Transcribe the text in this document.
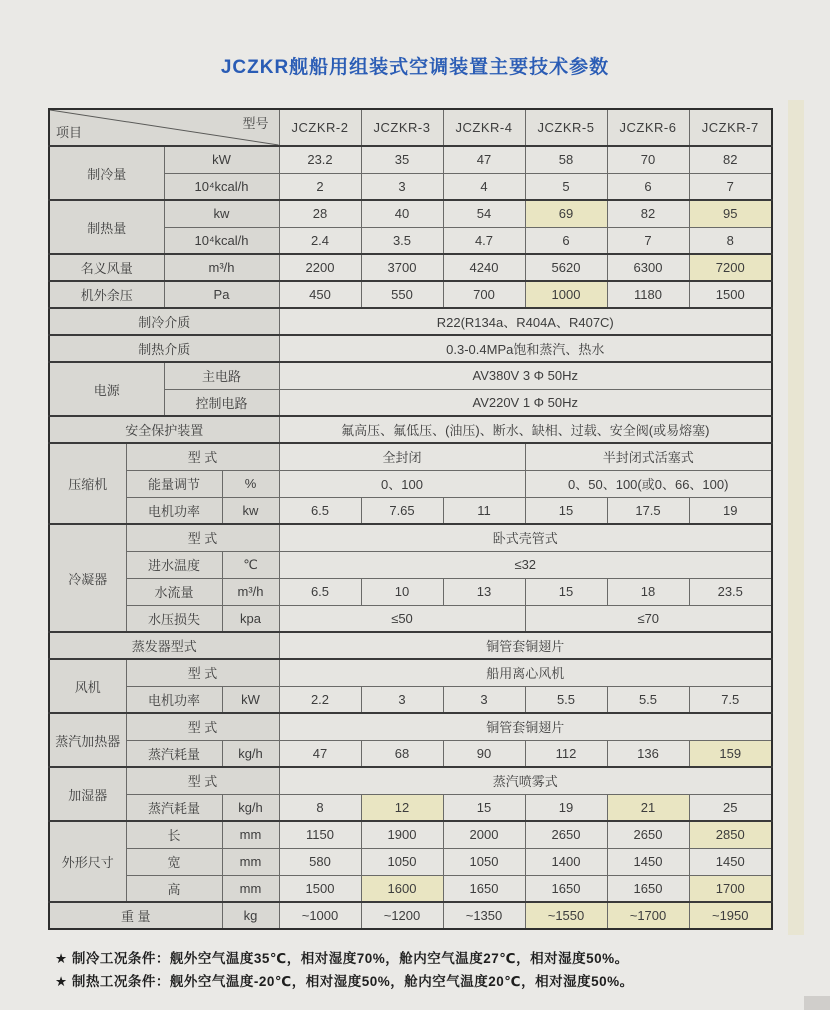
JCZKR舰船用组装式空调装置主要技术参数
型号
项目				JCZKR-2	JCZKR-3	JCZKR-4	JCZKR-5	JCZKR-6	JCZKR-7
制冷量		kW		23.2	35	47	58	70	82
		10⁴kcal/h		2	3	4	5	6	7
制热量		kw		28	40	54	69	82	95
		10⁴kcal/h		2.4	3.5	4.7	6	7	8
名义风量		m³/h		2200	3700	4240	5620	6300	7200
机外余压		Pa		450	550	700	1000	1180	1500
制冷介质				R22(R134a、R404A、R407C)					
制热介质				0.3-0.4MPa饱和蒸汽、热水					
电源		主电路		AV380V 3 Φ 50Hz					
		控制电路		AV220V 1 Φ 50Hz					
安全保护装置				氟高压、氟低压、(油压)、断水、缺相、过载、安全阀(或易熔塞)					
压缩机	型 式			全封闭			半封闭式活塞式		
	能量调节		%	0、100			0、50、100(或0、66、100)		
	电机功率		kw	6.5	7.65	11	15	17.5	19
冷凝器	型 式			卧式壳管式					
	进水温度		℃	≤32					
	水流量		m³/h	6.5	10	13	15	18	23.5
	水压损失		kpa	≤50			≤70		
蒸发器型式				铜管套铜翅片					
风机	型 式			船用离心风机					
	电机功率		kW	2.2	3	3	5.5	5.5	7.5
蒸汽加热器	型 式			铜管套铜翅片					
	蒸汽耗量		kg/h	47	68	90	112	136	159
加湿器	型 式			蒸汽喷雾式					
	蒸汽耗量		kg/h	8	12	15	19	21	25
外形尺寸	长		mm	1150	1900	2000	2650	2650	2850
	宽		mm	580	1050	1050	1400	1450	1450
	高		mm	1500	1600	1650	1650	1650	1700
重 量			kg	~1000	~1200	~1350	~1550	~1700	~1950
★ 制冷工况条件：舰外空气温度35℃，相对湿度70%，舱内空气温度27℃，相对湿度50%。
★ 制热工况条件：舰外空气温度-20℃，相对湿度50%，舱内空气温度20℃，相对湿度50%。
